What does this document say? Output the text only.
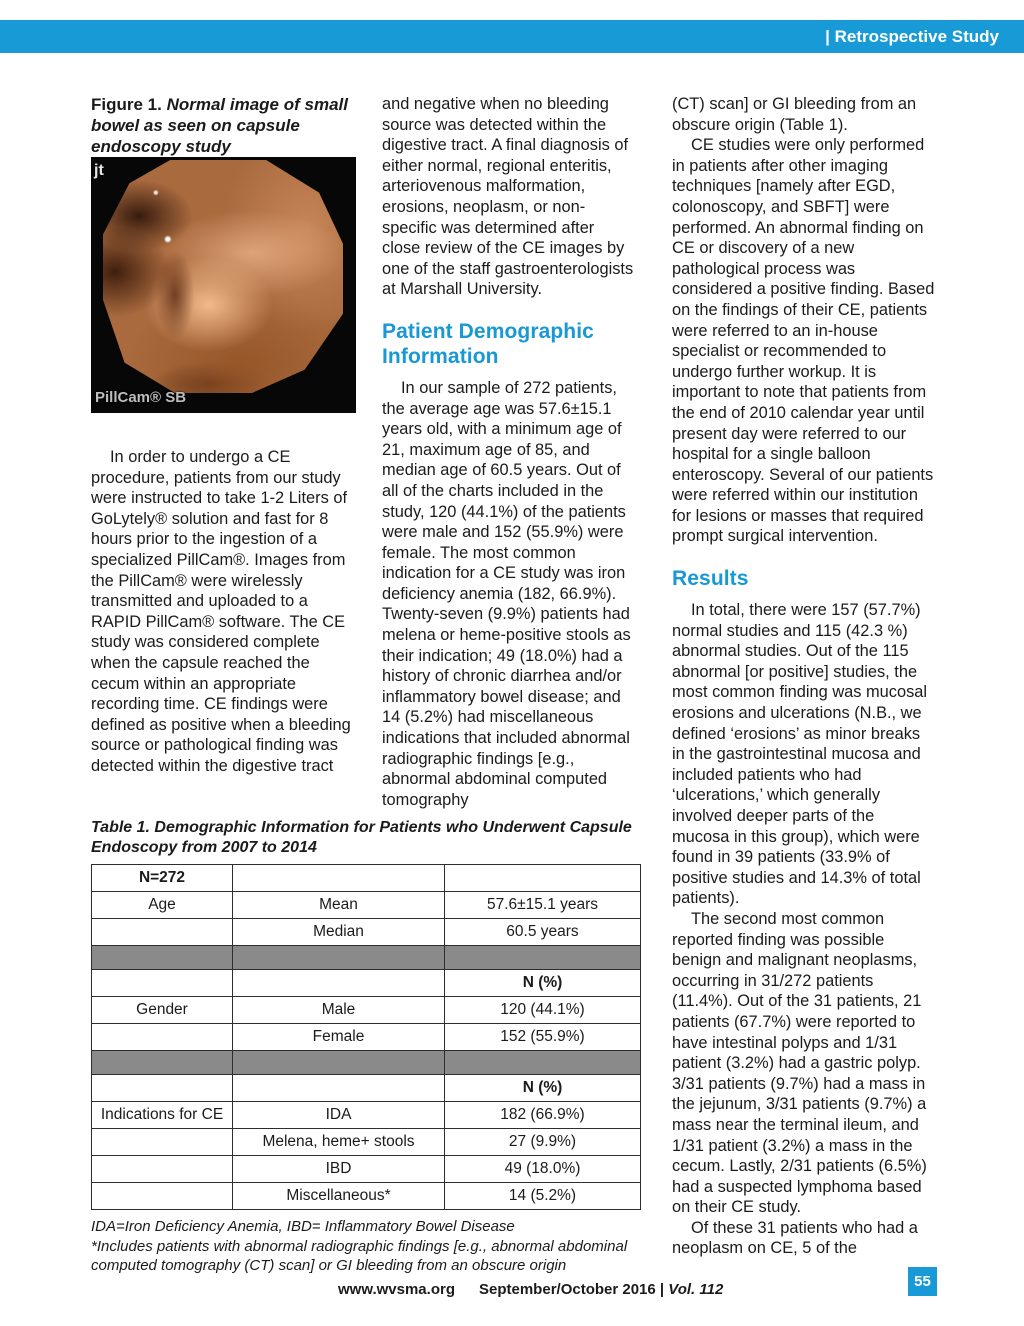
| Retrospective Study

Figure 1. Normal image of small bowel as seen on capsule endoscopy study

jt
PillCam® SB

In order to undergo a CE procedure, patients from our study were instructed to take 1-2 Liters of GoLytely® solution and fast for 8 hours prior to the ingestion of a specialized PillCam®. Images from the PillCam® were wirelessly transmitted and uploaded to a RAPID PillCam® software. The CE study was considered complete when the capsule reached the cecum within an appropriate recording time. CE findings were defined as positive when a bleeding source or pathological finding was detected within the digestive tract

and negative when no bleeding source was detected within the digestive tract. A final diagnosis of either normal, regional enteritis, arteriovenous malformation, erosions, neoplasm, or non-specific was determined after close review of the CE images by one of the staff gastroenterologists at Marshall University.

Patient Demographic Information

In our sample of 272 patients, the average age was 57.6±15.1 years old, with a minimum age of 21, maximum age of 85, and median age of 60.5 years. Out of all of the charts included in the study, 120 (44.1%) of the patients were male and 152 (55.9%) were female. The most common indication for a CE study was iron deficiency anemia (182, 66.9%). Twenty-seven (9.9%) patients had melena or heme-positive stools as their indication; 49 (18.0%) had a history of chronic diarrhea and/or inflammatory bowel disease; and 14 (5.2%) had miscellaneous indications that included abnormal radiographic findings [e.g., abnormal abdominal computed tomography

(CT) scan] or GI bleeding from an obscure origin (Table 1).

CE studies were only performed in patients after other imaging techniques [namely after EGD, colonoscopy, and SBFT] were performed. An abnormal finding on CE or discovery of a new pathological process was considered a positive finding. Based on the findings of their CE, patients were referred to an in-house specialist or recommended to undergo further workup. It is important to note that patients from the end of 2010 calendar year until present day were referred to our hospital for a single balloon enteroscopy. Several of our patients were referred within our institution for lesions or masses that required prompt surgical intervention.

Results

In total, there were 157 (57.7%) normal studies and 115 (42.3 %) abnormal studies. Out of the 115 abnormal [or positive] studies, the most common finding was mucosal erosions and ulcerations (N.B., we defined ‘erosions’ as minor breaks in the gastrointestinal mucosa and included patients who had ‘ulcerations,’ which generally involved deeper parts of the mucosa in this group), which were found in 39 patients (33.9% of positive studies and 14.3% of total patients).

The second most common reported finding was possible benign and malignant neoplasms, occurring in 31/272 patients (11.4%). Out of the 31 patients, 21 patients (67.7%) were reported to have intestinal polyps and 1/31 patient (3.2%) had a gastric polyp. 3/31 patients (9.7%) had a mass in the jejunum, 3/31 patients (9.7%) a mass near the terminal ileum, and 1/31 patient (3.2%) a mass in the cecum. Lastly, 2/31 patients (6.5%) had a suspected lymphoma based on their CE study.

Of these 31 patients who had a neoplasm on CE, 5 of the

Table 1. Demographic Information for Patients who Underwent Capsule Endoscopy from 2007 to 2014

N=272		
Age	Mean	57.6±15.1 years
	Median	60.5 years

		N (%)
Gender	Male	120 (44.1%)
	Female	152 (55.9%)

		N (%)
Indications for CE	IDA	182 (66.9%)
	Melena, heme+ stools	27 (9.9%)
	IBD	49 (18.0%)
	Miscellaneous*	14 (5.2%)

IDA=Iron Deficiency Anemia, IBD= Inflammatory Bowel Disease

*Includes patients with abnormal radiographic findings [e.g., abnormal abdominal computed tomography (CT) scan] or GI bleeding from an obscure origin

www.wvsma.org September/October 2016 | Vol. 112	55
